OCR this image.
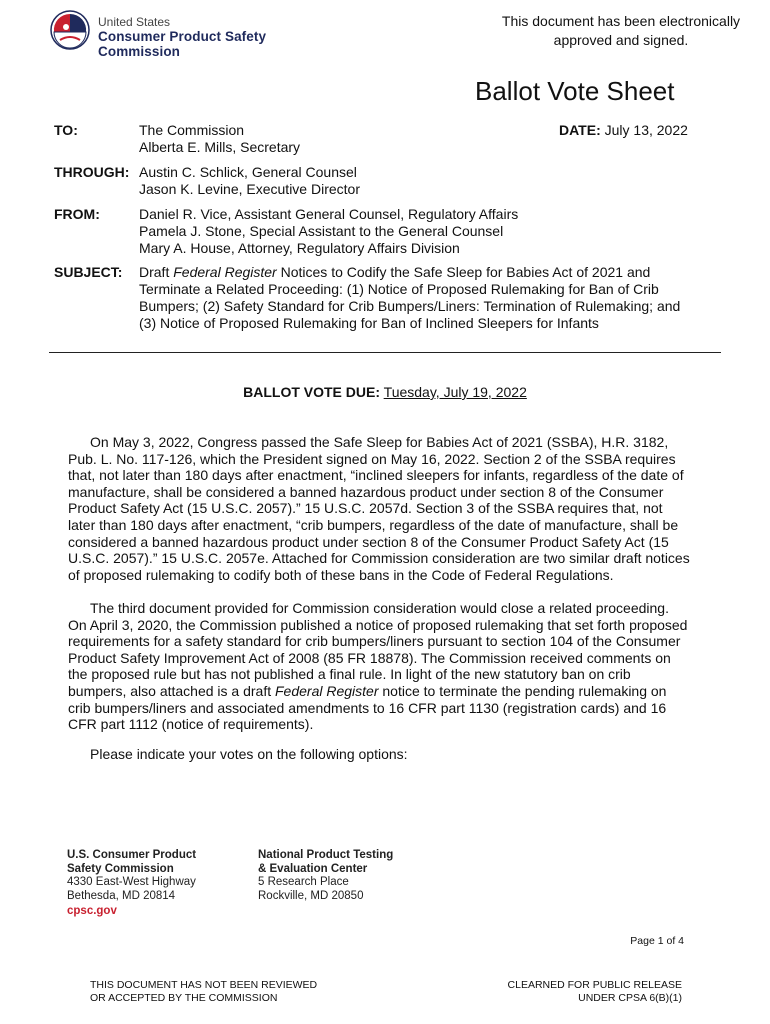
United States
Consumer Product Safety Commission
This document has been electronically
approved and signed.
Ballot Vote Sheet
TO:	The Commission
Alberta E. Mills, Secretary
DATE: July 13, 2022
THROUGH: Austin C. Schlick, General Counsel
Jason K. Levine, Executive Director
FROM:	Daniel R. Vice, Assistant General Counsel, Regulatory Affairs
Pamela J. Stone, Special Assistant to the General Counsel
Mary A. House, Attorney, Regulatory Affairs Division
SUBJECT: Draft Federal Register Notices to Codify the Safe Sleep for Babies Act of 2021 and
Terminate a Related Proceeding: (1) Notice of Proposed Rulemaking for Ban of Crib
Bumpers; (2) Safety Standard for Crib Bumpers/Liners: Termination of Rulemaking; and
(3) Notice of Proposed Rulemaking for Ban of Inclined Sleepers for Infants
BALLOT VOTE DUE: Tuesday, July 19, 2022

On May 3, 2022, Congress passed the Safe Sleep for Babies Act of 2021 (SSBA), H.R. 3182, Pub. L. No. 117-126, which the President signed on May 16, 2022. Section 2 of the SSBA requires that, not later than 180 days after enactment, “inclined sleepers for infants, regardless of the date of manufacture, shall be considered a banned hazardous product under section 8 of the Consumer Product Safety Act (15 U.S.C. 2057).” 15 U.S.C. 2057d. Section 3 of the SSBA requires that, not later than 180 days after enactment, “crib bumpers, regardless of the date of manufacture, shall be considered a banned hazardous product under section 8 of the Consumer Product Safety Act (15 U.S.C. 2057).” 15 U.S.C. 2057e. Attached for Commission consideration are two similar draft notices of proposed rulemaking to codify both of these bans in the Code of Federal Regulations.

The third document provided for Commission consideration would close a related proceeding. On April 3, 2020, the Commission published a notice of proposed rulemaking that set forth proposed requirements for a safety standard for crib bumpers/liners pursuant to section 104 of the Consumer Product Safety Improvement Act of 2008 (85 FR 18878). The Commission received comments on the proposed rule but has not published a final rule. In light of the new statutory ban on crib bumpers, also attached is a draft Federal Register notice to terminate the pending rulemaking on crib bumpers/liners and associated amendments to 16 CFR part 1130 (registration cards) and 16 CFR part 1112 (notice of requirements).

Please indicate your votes on the following options:

U.S. Consumer Product
Safety Commission
4330 East-West Highway
Bethesda, MD 20814
cpsc.gov
National Product Testing
& Evaluation Center
5 Research Place
Rockville, MD 20850
Page 1 of 4
THIS DOCUMENT HAS NOT BEEN REVIEWED
OR ACCEPTED BY THE COMMISSION
CLEARNED FOR PUBLIC RELEASE
UNDER CPSA 6(B)(1)
